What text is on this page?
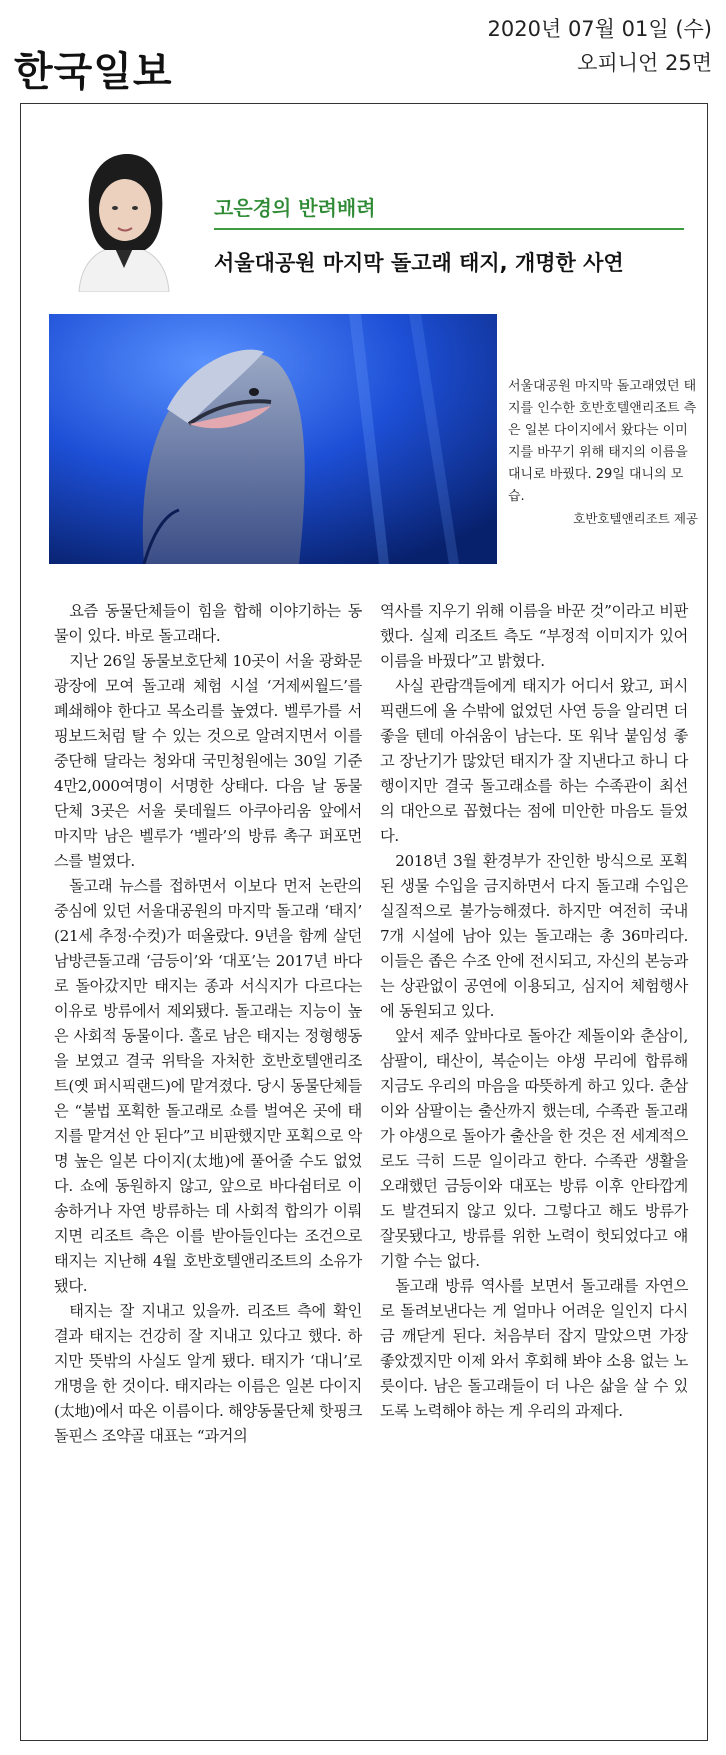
한국일보
2020년 07월 01일 (수)
오피니언 25면
고은경의 반려배려
서울대공원 마지막 돌고래 태지, 개명한 사연
서울대공원 마지막 돌고래였던 태지를 인수한 호반호텔앤리조트 측은 일본 다이지에서 왔다는 이미지를 바꾸기 위해 태지의 이름을 대니로 바꿨다. 29일 대니의 모습.
호반호텔앤리조트 제공

요즘 동물단체들이 힘을 합해 이야기하는 동물이 있다. 바로 돌고래다.

지난 26일 동물보호단체 10곳이 서울 광화문 광장에 모여 돌고래 체험 시설 ‘거제씨월드’를 폐쇄해야 한다고 목소리를 높였다. 벨루가를 서핑보드처럼 탈 수 있는 것으로 알려지면서 이를 중단해 달라는 청와대 국민청원에는 30일 기준 4만2,000여명이 서명한 상태다. 다음 날 동물단체 3곳은 서울 롯데월드 아쿠아리움 앞에서 마지막 남은 벨루가 ‘벨라’의 방류 촉구 퍼포먼스를 벌였다.

돌고래 뉴스를 접하면서 이보다 먼저 논란의 중심에 있던 서울대공원의 마지막 돌고래 ‘태지’ (21세 추정·수컷)가 떠올랐다. 9년을 함께 살던 남방큰돌고래 ‘금등이’와 ‘대포’는 2017년 바다로 돌아갔지만 태지는 종과 서식지가 다르다는 이유로 방류에서 제외됐다. 돌고래는 지능이 높은 사회적 동물이다. 홀로 남은 태지는 정형행동을 보였고 결국 위탁을 자처한 호반호텔앤리조트(옛 퍼시픽랜드)에 맡겨졌다. 당시 동물단체들은 “불법 포획한 돌고래로 쇼를 벌여온 곳에 태지를 맡겨선 안 된다”고 비판했지만 포획으로 악명 높은 일본 다이지(太地)에 풀어줄 수도 없었다. 쇼에 동원하지 않고, 앞으로 바다쉼터로 이송하거나 자연 방류하는 데 사회적 합의가 이뤄지면 리조트 측은 이를 받아들인다는 조건으로 태지는 지난해 4월 호반호텔앤리조트의 소유가 됐다.

태지는 잘 지내고 있을까. 리조트 측에 확인 결과 태지는 건강히 잘 지내고 있다고 했다. 하지만 뜻밖의 사실도 알게 됐다. 태지가 ‘대니’로 개명을 한 것이다. 태지라는 이름은 일본 다이지(太地)에서 따온 이름이다. 해양동물단체 핫핑크돌핀스 조약골 대표는 “과거의

역사를 지우기 위해 이름을 바꾼 것”이라고 비판했다. 실제 리조트 측도 “부정적 이미지가 있어 이름을 바꿨다”고 밝혔다.

사실 관람객들에게 태지가 어디서 왔고, 퍼시픽랜드에 올 수밖에 없었던 사연 등을 알리면 더 좋을 텐데 아쉬움이 남는다. 또 워낙 붙임성 좋고 장난기가 많았던 태지가 잘 지낸다고 하니 다행이지만 결국 돌고래쇼를 하는 수족관이 최선의 대안으로 꼽혔다는 점에 미안한 마음도 들었다.

2018년 3월 환경부가 잔인한 방식으로 포획된 생물 수입을 금지하면서 다지 돌고래 수입은 실질적으로 불가능해졌다. 하지만 여전히 국내 7개 시설에 남아 있는 돌고래는 총 36마리다. 이들은 좁은 수조 안에 전시되고, 자신의 본능과는 상관없이 공연에 이용되고, 심지어 체험행사에 동원되고 있다.

앞서 제주 앞바다로 돌아간 제돌이와 춘삼이, 삼팔이, 태산이, 복순이는 야생 무리에 합류해 지금도 우리의 마음을 따뜻하게 하고 있다. 춘삼이와 삼팔이는 출산까지 했는데, 수족관 돌고래가 야생으로 돌아가 출산을 한 것은 전 세계적으로도 극히 드문 일이라고 한다. 수족관 생활을 오래했던 금등이와 대포는 방류 이후 안타깝게도 발견되지 않고 있다. 그렇다고 해도 방류가 잘못됐다고, 방류를 위한 노력이 헛되었다고 얘기할 수는 없다.

돌고래 방류 역사를 보면서 돌고래를 자연으로 돌려보낸다는 게 얼마나 어려운 일인지 다시금 깨닫게 된다. 처음부터 잡지 말았으면 가장 좋았겠지만 이제 와서 후회해 봐야 소용 없는 노릇이다. 남은 돌고래들이 더 나은 삶을 살 수 있도록 노력해야 하는 게 우리의 과제다.
